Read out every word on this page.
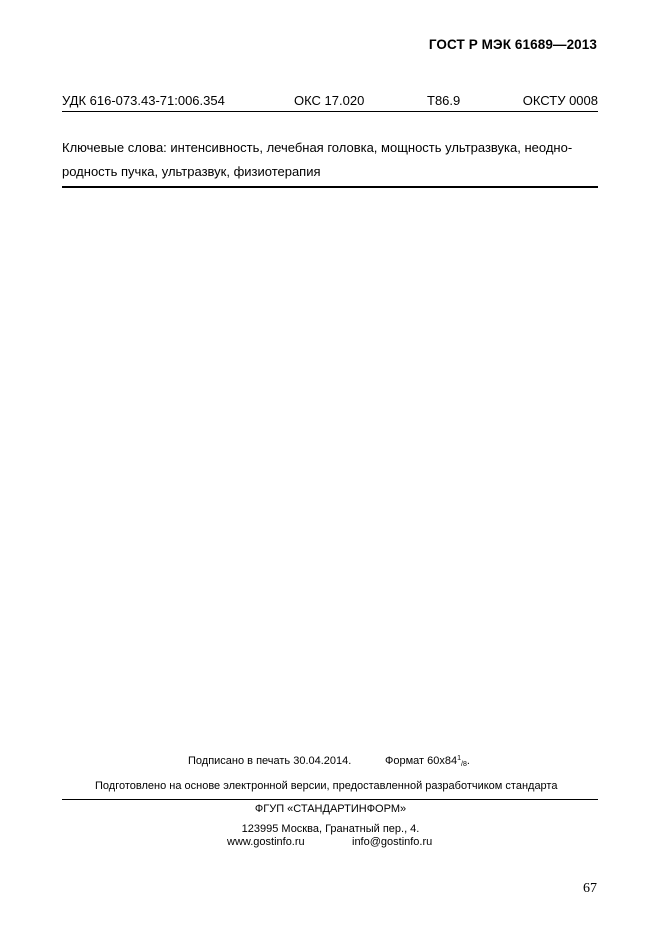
ГОСТ Р МЭК 61689—2013
УДК 616-073.43-71:006.354	ОКС 17.020	Т86.9	ОКСТУ 0008
Ключевые слова: интенсивность, лечебная головка, мощность ультразвука, неодно-
родность пучка, ультразвук, физиотерапия
Подписано в печать 30.04.2014.	Формат $60x84^1_{/8}$.
Подготовлено на основе электронной версии, предоставленной разработчиком стандарта
ФГУП «СТАНДАРТИНФОРМ»
123995 Москва, Гранатный пер., 4.
www.gostinfo.ru	info@gostinfo.ru
67
